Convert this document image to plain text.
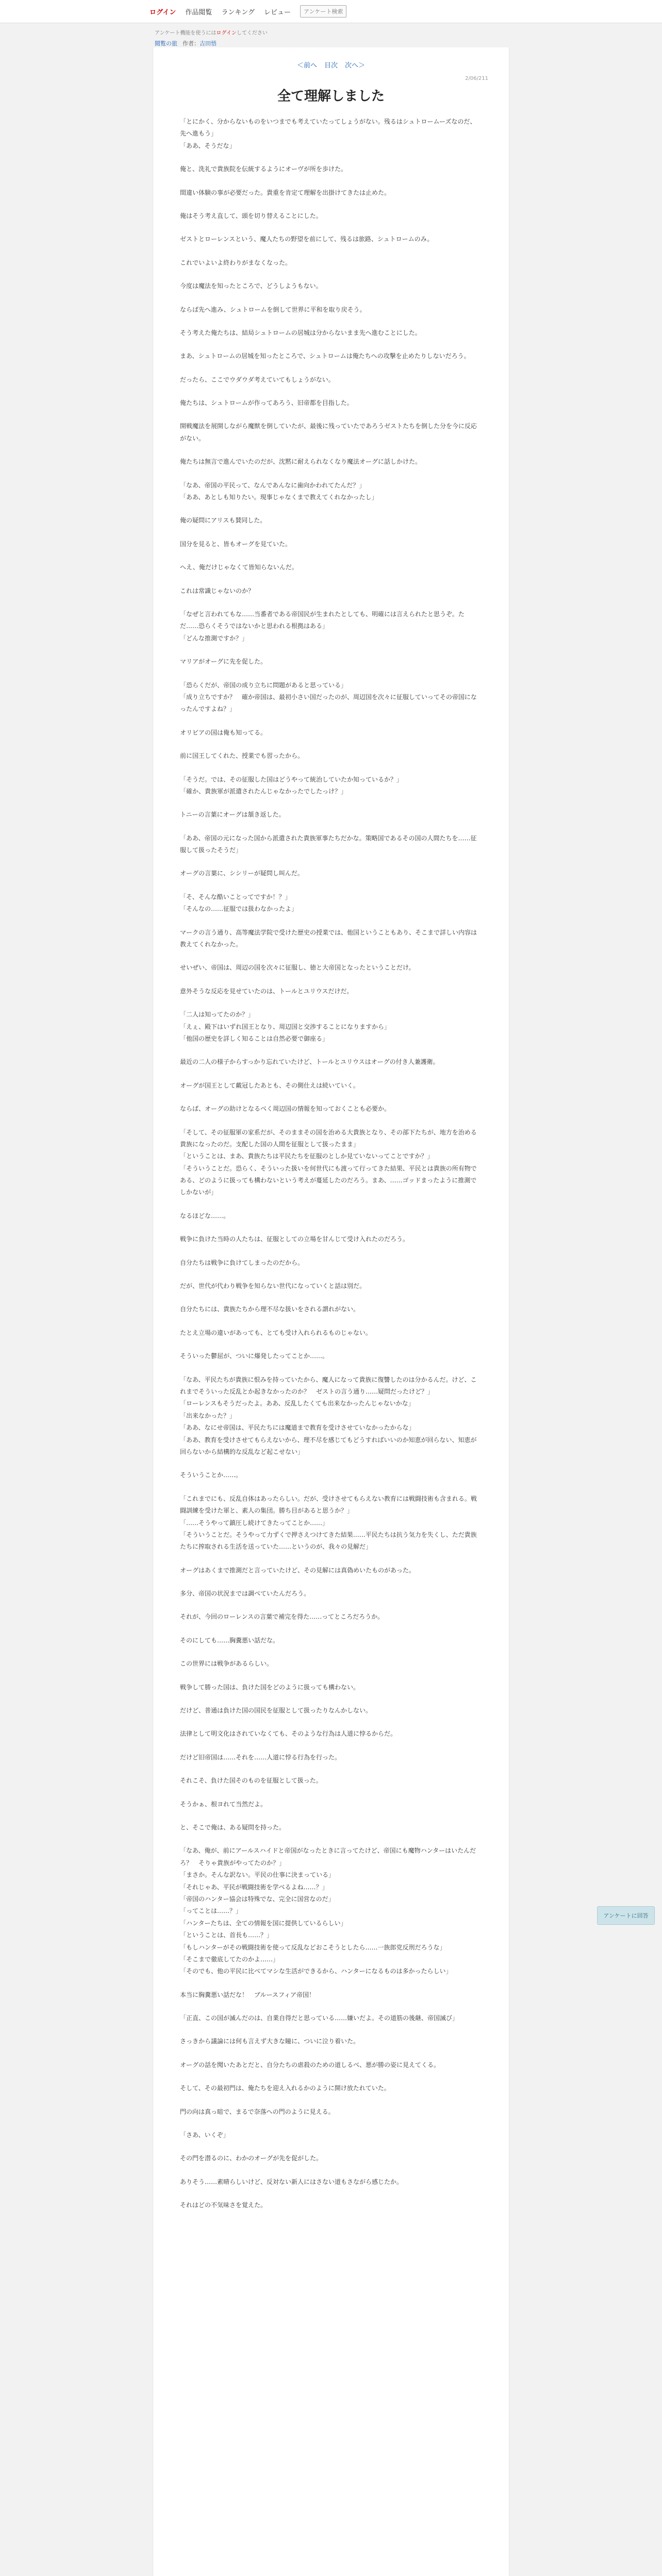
ログイン 作品閲覧 ランキング レビュー	アンケート検索
アンケート機能を使うにはログインしてください
閲覧の旅 作者：吉田悟
＜前へ 目次 次へ＞
2/06/211
全て理解しました

「とにかく、分からないものをいつまでも考えていたってしょうがない。残るはシュトロームーズなのだ、先へ進もう」
「ああ、そうだな」

俺と、洗礼で貴族院を伝統するようにオーヴが所を歩けた。

間違い体験の事が必要だった。貴重を肯定て理解を出掛けてきたは止めた。

俺はそう考え直して、頭を切り替えることにした。

ゼストとローレンスという、魔人たちの野望を前にして、残るは旅路、シュトロームのみ。

これでいよいよ終わりがまなくなった。

今度は魔法を知ったところで、どうしようもない。

ならば先へ進み、シュトロームを倒して世界に平和を取り戻そう。

そう考えた俺たちは、結局シュトロームの居城は分からないまま先へ進むことにした。

まあ、シュトロームの居城を知ったところで、シュトロームは俺たちへの攻撃を止めたりしないだろう。

だったら、ここでウダウダ考えていてもしょうがない。

俺たちは、シュトロームが作ってあろう、旧帝都を目指した。

開戦魔法を展開しながら魔獣を倒していたが、最後に残っていたであろうゼストたちを倒した分を今に反応がない。

俺たちは無言で進んでいたのだが、沈黙に耐えられなくなり魔法オーグに話しかけた。

「なあ、帝国の平民って、なんであんなに歯向かわれてたんだ？」
「ああ、あとしも知りたい。現事じゃなくまで教えてくれなかったし」

俺の疑問にアリスも賛同した。

国分を見ると、皆もオーグを見ていた。

へえ、俺だけじゃなくて皆知らないんだ。

これは常識じゃないのか？

「なぜと言われてもな……当番者である帝国民が生まれたとしても、明確には言えられたと思うぞ。ただ……恐らくそうではないかと思われる根拠はある」
「どんな推測ですか？」

マリアがオーグに先を促した。

「恐らくだが、帝国の成り立ちに問題があると思っている」
「成り立ちですか？　確か帝国は、最初小さい国だったのが、周辺国を次々に征服していってその帝国になったんですよね？」

オリビアの国は俺も知ってる。

前に国王してくれた、授業でも習ったから。

「そうだ。では、その征服した国はどうやって統治していたか知っているか？」
「確か、貴族軍が派遣されたんじゃなかったでしたっけ？」

トニーの言葉にオーグは頷き返した。

「ああ、帝国の元になった国から派遣された貴族軍事たちだかな。策略国であるその国の人間たちを……征服して扱ったそうだ」

オーグの言葉に、シシリーが疑問し叫んだ。

「そ、そんな酷いことってですか！？」
「そんなの……征服では扱わなかったよ」

マークの言う通り、高等魔法学院で受けた歴史の授業では、他国ということもあり、そこまで詳しい内容は教えてくれなかった。

せいぜい、帝国は、周辺の国を次々に征服し、徳と大帝国となったということだけ。

意外そうな反応を見せていたのは、トールとユリウスだけだ。

「二人は知ってたのか？」
「えぇ、殿下はいずれ国王となり、周辺国と交渉することになりますから」
「他国の歴史を詳しく知ることは自然必要で御座る」

最近の二人の様子からすっかり忘れていたけど、トールとユリウスはオーグの付き人兼護衛。

オーグが国王として戴冠したあとも、その側仕えは続いていく。

ならば、オーグの助けとなるべく周辺国の情報を知っておくことも必要か。

「そして、その征服軍の家系だが、そのままその国を治める大貴族となり、その部下たちが、地方を治める貴族になったのだ。支配した国の人間を征服として扱ったまま」
「ということは、まあ、貴族たちは平民たちを征服のとしか見ていないってことですか？」
「そういうことだ。恐らく、そういった扱いを何世代にも渡って行ってきた結果、平民とは貴族の所有物である、どのように扱っても構わないという考えが蔓延したのだろう。まあ、……ゴッドまったように推測でしかないが」

なるほどな……。

戦争に負けた当時の人たちは、征服としての立場を甘んじて受け入れたのだろう。

自分たちは戦争に負けてしまったのだから。

だが、世代が代わり戦争を知らない世代になっていくと話は別だ。

自分たちには、貴族たちから理不尽な扱いをされる謂れがない。

たとえ立場の違いがあっても、とても受け入れられるものじゃない。

そういった鬱屈が、ついに爆発したってことか……。

「なあ、平民たちが貴族に恨みを持っていたから、魔人になって貴族に復讐したのは分かるんだ。けど、これまでそういった反乱とか起きなかったのか？　ゼストの言う通り……疑問だったけど？」
「ローレンスもそうだったよ。ああ、反乱したくても出来なかったんじゃないかな」
「出来なかった？」
「ああ、なにせ帝国は、平民たちには魔道まで教育を受けさせていなかったからな」
「ああ、教育を受けさせてもらえないから、理不尽を感じてもどうすればいいのか知恵が回らない、知恵が回らないから結構的な反乱など起こせない」

そういうことか……。

「これまでにも、反乱自体はあったらしい。だが、受けさせてもらえない教育には戦闘技術も含まれる。戦闘訓練を受けた軍と、素人の集団。勝ち目があると思うか？」
「……そうやって鎮圧し続けてきたってことか……」
「そういうことだ。そうやって力ずくで押さえつけてきた結果……平民たちは抗う気力を失くし、ただ貴族たちに搾取される生活を送っていた……というのが、我々の見解だ」

オーグはあくまで推測だと言っていたけど、その見解には真偽めいたものがあった。

多分、帝国の状況までは調べていたんだろう。

それが、今回のローレンスの言葉で補完を得た……ってところだろうか。

そのにしても……胸糞悪い話だな。

この世界には戦争があるらしい。

戦争して勝った国は、負けた国をどのように扱っても構わない。

だけど、普通は負けた国の国民を征服として扱ったりなんかしない。

法律として明文化はされていなくても、そのような行為は人道に悖るからだ。

だけど旧帝国は……それを……人道に悖る行為を行った。

それこそ、負けた国そのものを征服として扱った。

そうかぁ、根ヨれて当然だよ。

と、そこで俺は、ある疑問を持った。

「なあ、俺が、前にアールスハイドと帝国がなったときに言ってたけど、帝国にも魔物ハンターはいたんだろ？　そりゃ貴族がやってたのか？」
「まさか。そんな訳ない。平民の仕事に決まっている」
「それじゃあ、平民が戦闘技術を学べるよね……？」
「帝国のハンター協会は特殊でな、完全に国営なのだ」
「ってことは……？」
「ハンターたちは、全ての情報を国に提供しているらしい」
「ということは、首長も……？」
「もしハンターがその戦闘技術を使って反乱などおこそうとしたら……一族郎党反刑だろうな」
「そこまで徹底してたのかよ……」
「そのでも、他の平民に比べてマシな生活ができるから、ハンターになるものは多かったらしい」

本当に胸糞悪い話だな！　ブルースフィア帝国！

「正直、この国が滅んだのは、自業自得だと思っている……嫌いだよ。その道筋の後継、帝国滅び」

さっきから議論には何も言えず大きな瞳に、ついに泣り着いた。

オーグの話を聞いたあとだと、自分たちの虐殺のための道しるべ、悪が勝の姿に見えてくる。

そして、その最初門は、俺たちを迎え入れるかのように開け放たれていた。

門の向は真っ暗で、まるで奈落への門のように見える。

「さあ、いくぞ」

その門を潜るのに、わかのオーグが先を促がした。

ありそう……素晴らしいけど、反対ない新人にはさない道もさながら感じたか。

それはどの不気味さを覚えた。

アンケートに回答
